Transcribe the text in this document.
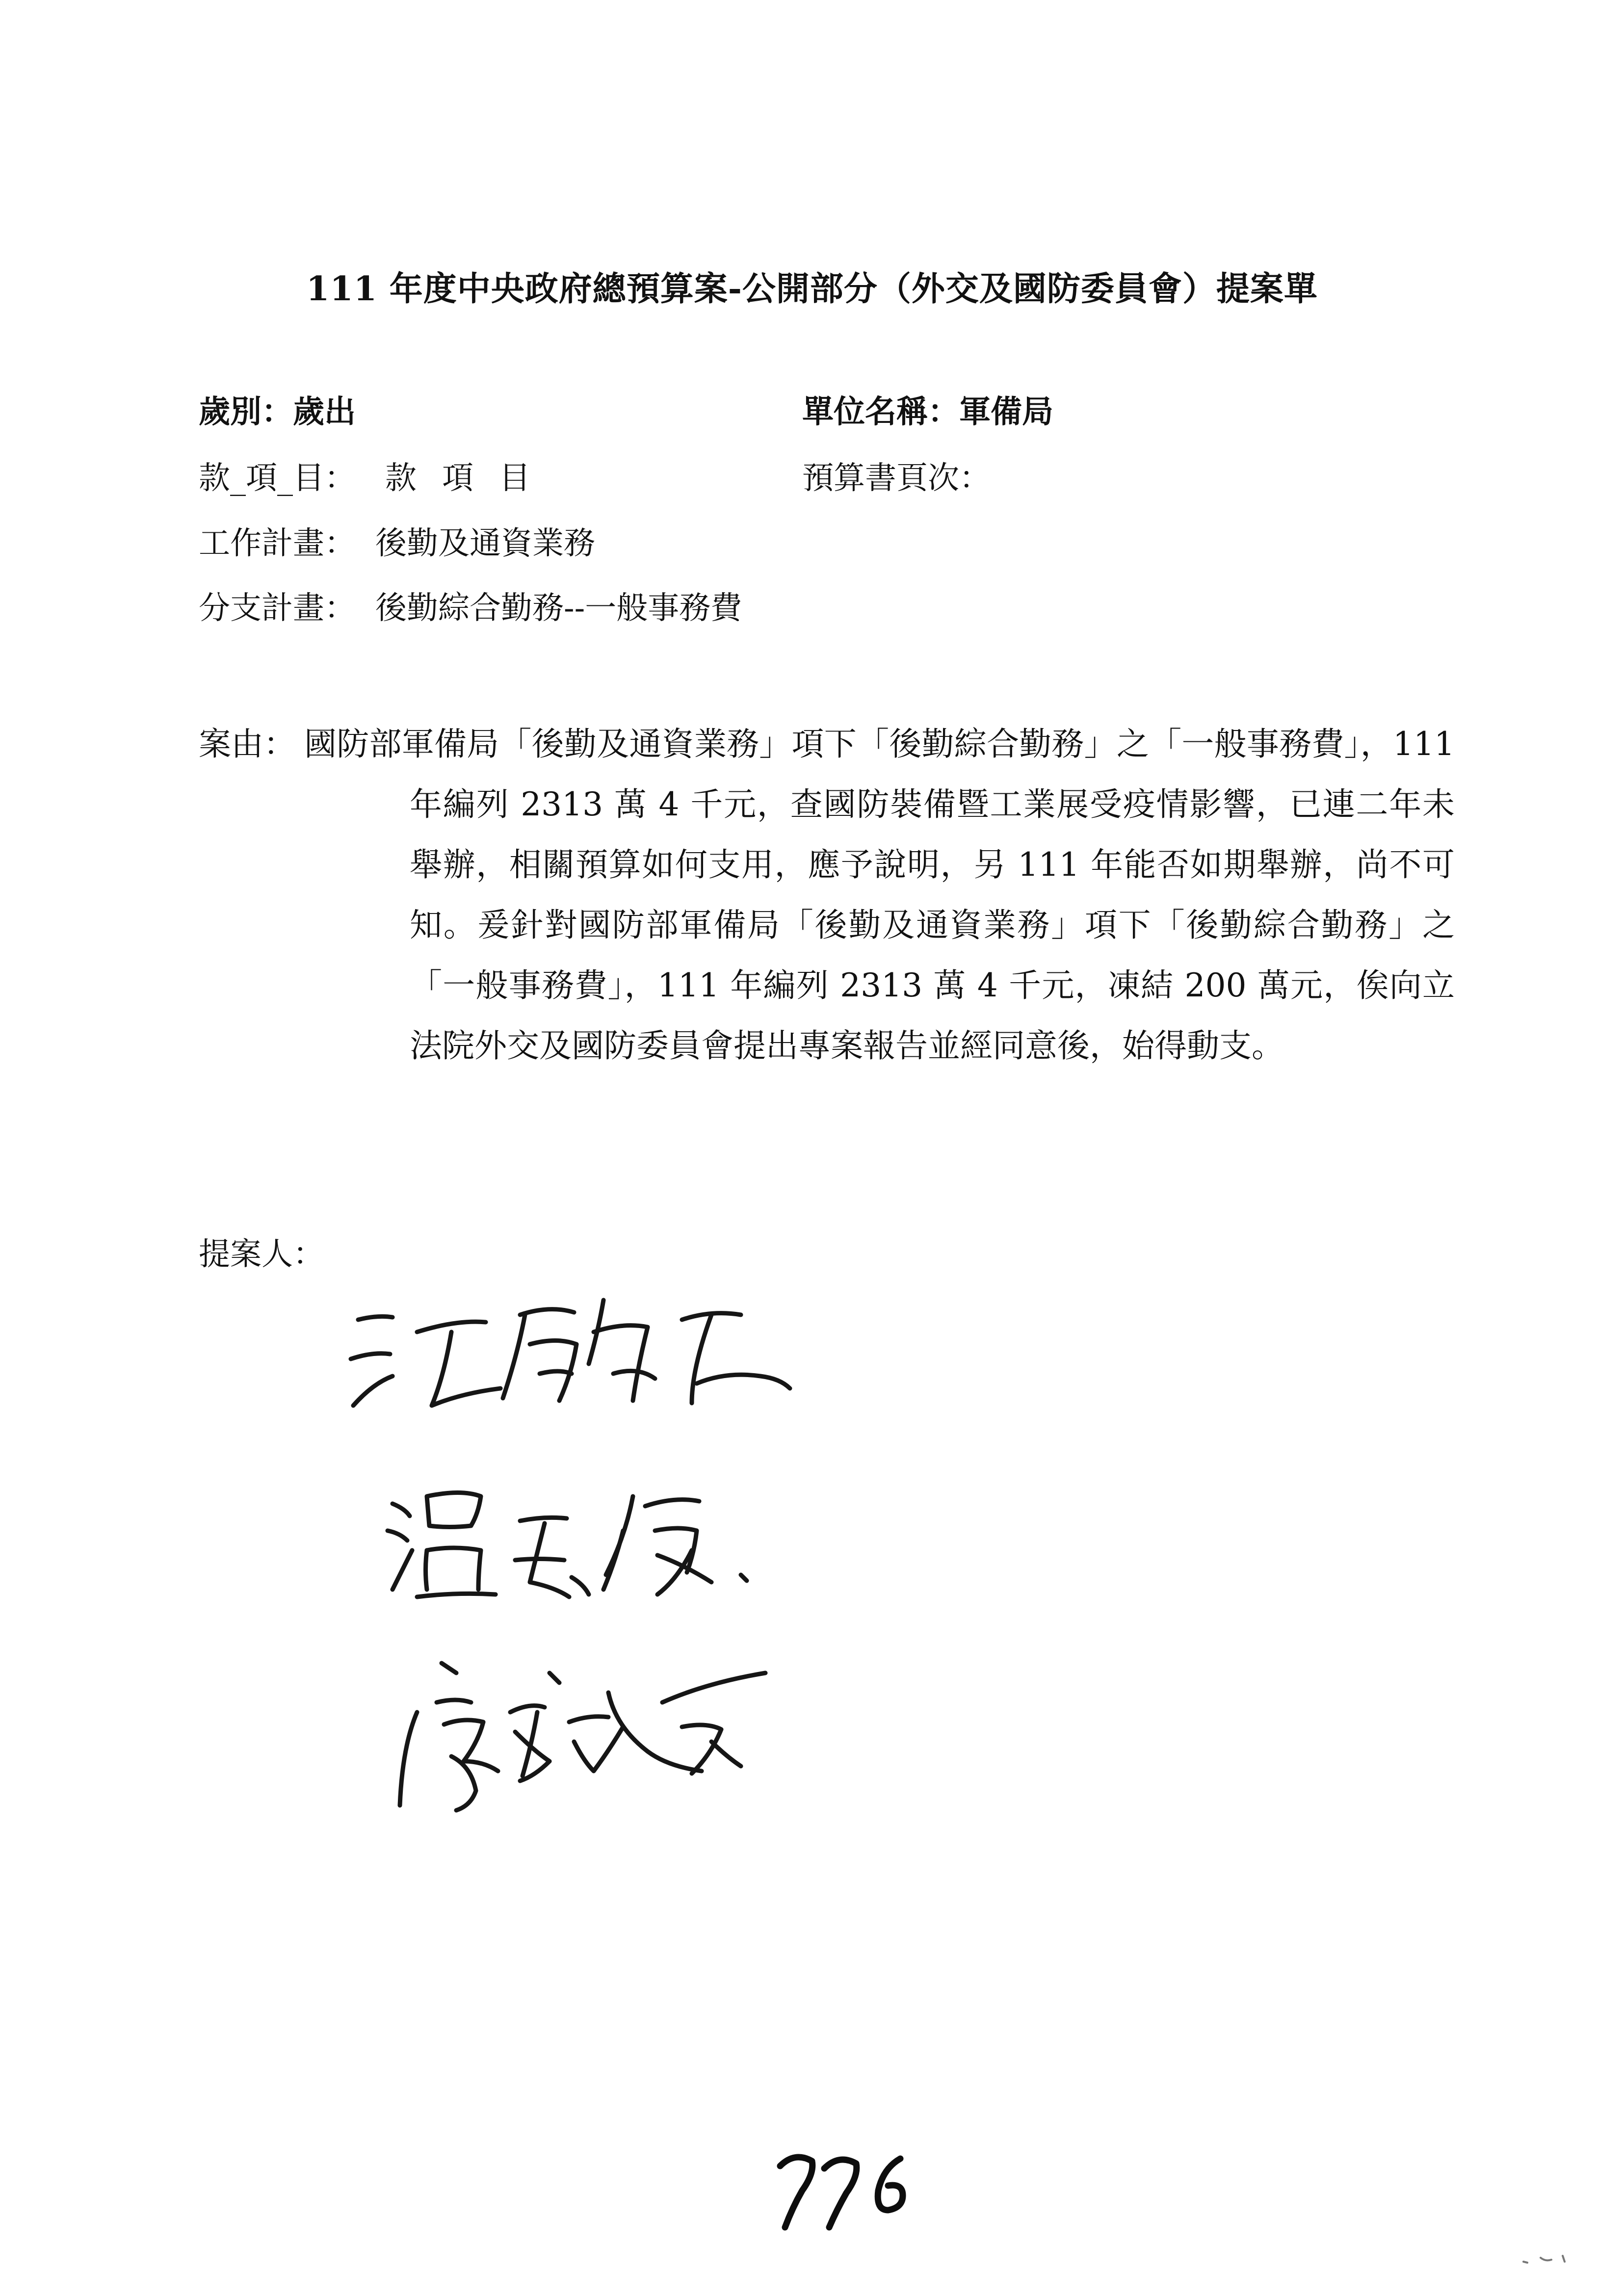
111 年度中央政府總預算案-公開部分（外交及國防委員會）提案單
歲別：歲出	單位名稱：軍備局
款_項_目： 款項目	預算書頁次：
工作計畫： 後勤及通資業務
分支計畫： 後勤綜合勤務--一般事務費
案由： 國防部軍備局「後勤及通資業務」項下「後勤綜合勤務」之「一般事務費」，111 年編列 2313 萬 4 千元，查國防裝備暨工業展受疫情影響，已連二年未舉辦，相關預算如何支用，應予說明，另 111 年能否如期舉辦，尚不可知。爰針對國防部軍備局「後勤及通資業務」項下「後勤綜合勤務」之「一般事務費」，111 年編列 2313 萬 4 千元，凍結 200 萬元，俟向立法院外交及國防委員會提出專案報告並經同意後，始得動支。
提案人：
